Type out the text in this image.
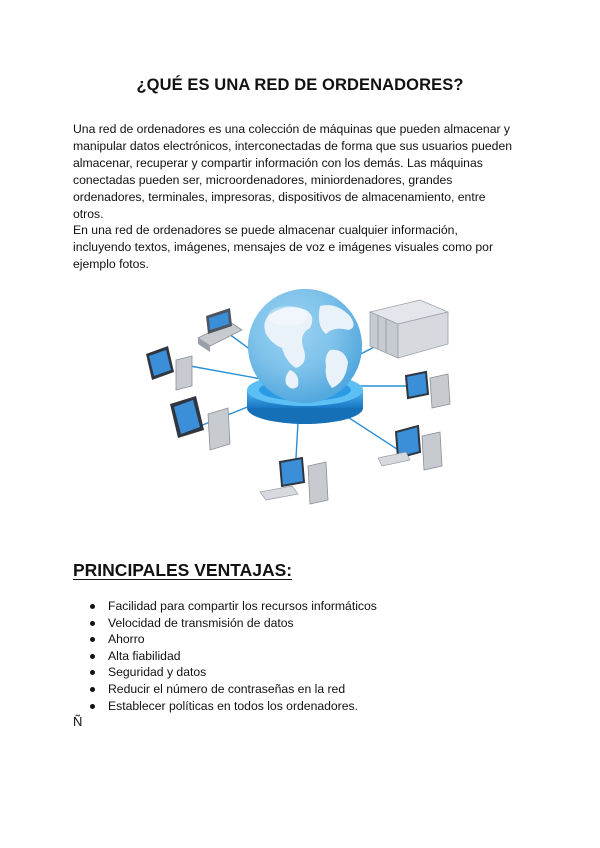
¿QUÉ ES UNA RED DE ORDENADORES?

Una red de ordenadores es una colección de máquinas que pueden almacenar y manipular datos electrónicos, interconectadas de forma que sus usuarios pueden almacenar, recuperar y compartir información con los demás. Las máquinas conectadas pueden ser, microordenadores, miniordenadores, grandes ordenadores, terminales, impresoras, dispositivos de almacenamiento, entre otros.

En una red de ordenadores se puede almacenar cualquier información, incluyendo textos, imágenes, mensajes de voz e imágenes visuales como por ejemplo fotos.

PRINCIPALES VENTAJAS:
Facilidad para compartir los recursos informáticos
Velocidad de transmisión de datos
Ahorro
Alta fiabilidad
Seguridad y datos
Reducir el número de contraseñas en la red
Establecer políticas en todos los ordenadores.
Ñ
